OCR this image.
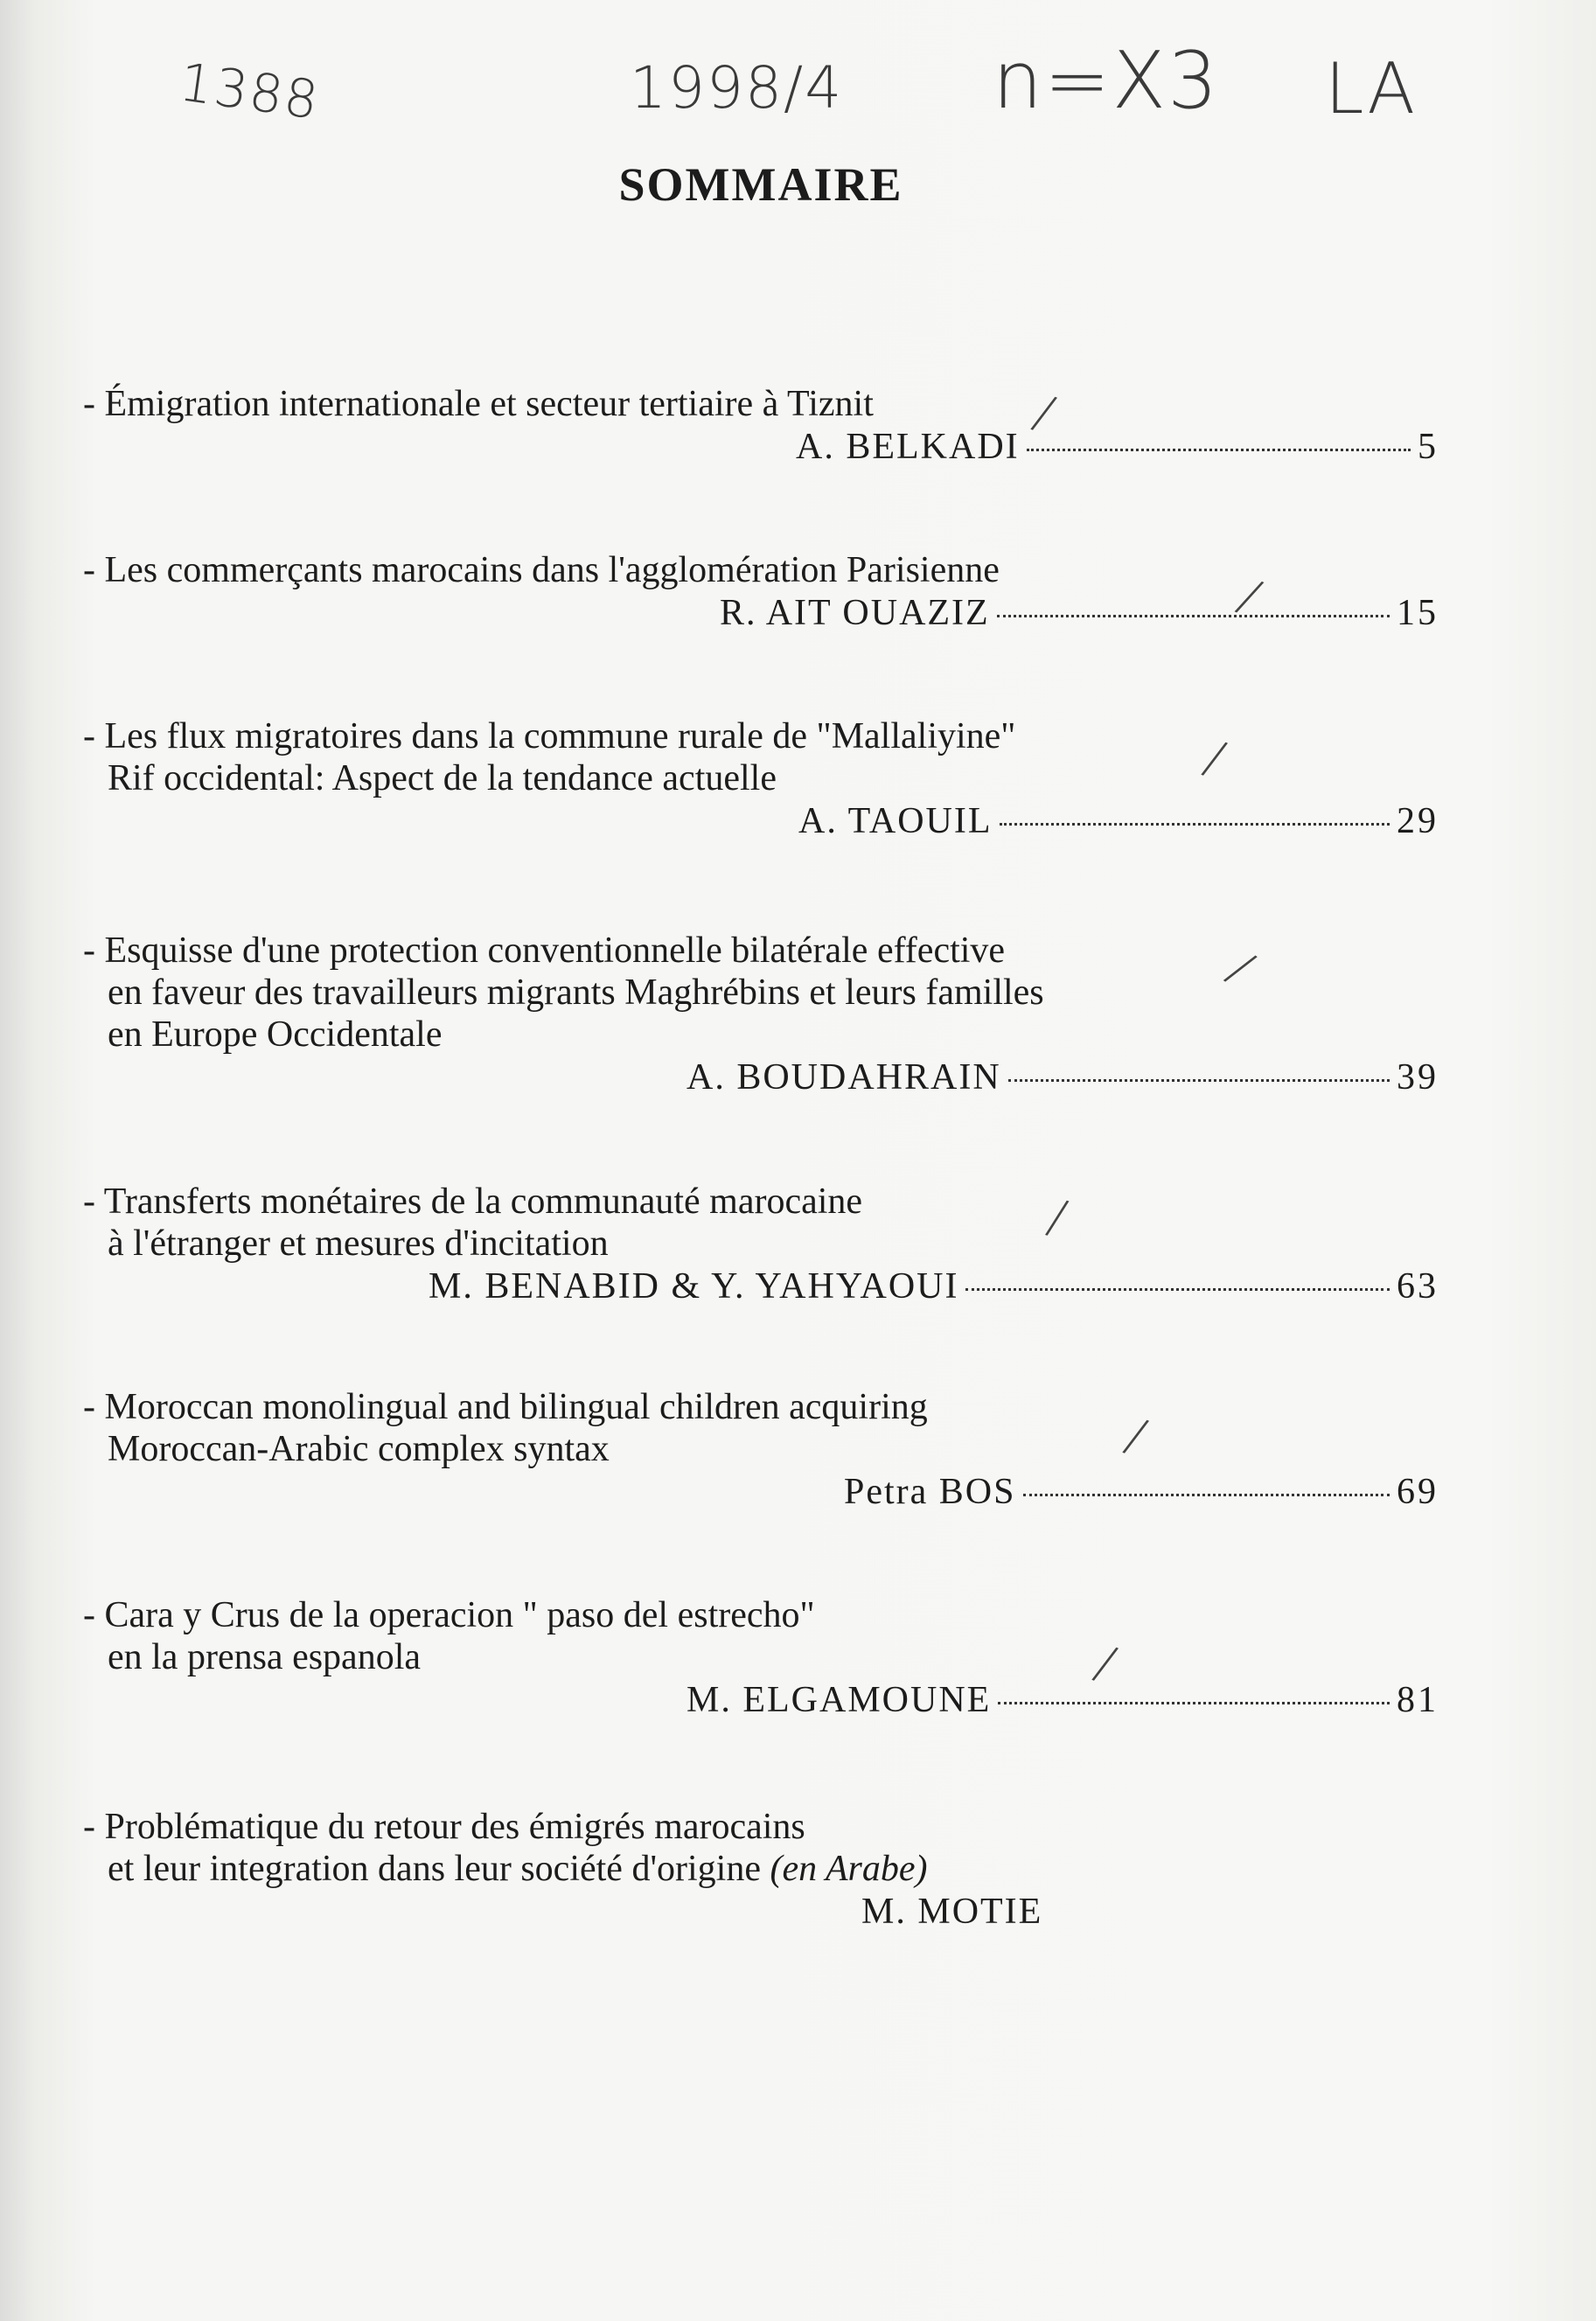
1388	1998/4 n=X3 LA
SOMMAIRE
- Émigration internationale et secteur tertiaire à Tiznit
A. BELKADI	5
/
- Les commerçants marocains dans l'agglomération Parisienne
R. AIT OUAZIZ	15
/
- Les flux migratoires dans la commune rurale de "Mallaliyine"
Rif occidental: Aspect de la tendance actuelle
A. TAOUIL	29
/
- Esquisse d'une protection conventionnelle bilatérale effective
en faveur des travailleurs migrants Maghrébins et leurs familles
en Europe Occidentale
A. BOUDAHRAIN	39
/
- Transferts monétaires de la communauté marocaine
à l'étranger et mesures d'incitation
M. BENABID & Y. YAHYAOUI	63
/
- Moroccan monolingual and bilingual children acquiring
Moroccan-Arabic complex syntax
Petra BOS	69
/
- Cara y Crus de la operacion " paso del estrecho"
en la prensa espanola
M. ELGAMOUNE	81
/
- Problématique du retour des émigrés marocains
et leur integration dans leur société d'origine (en Arabe)
M. MOTIE
